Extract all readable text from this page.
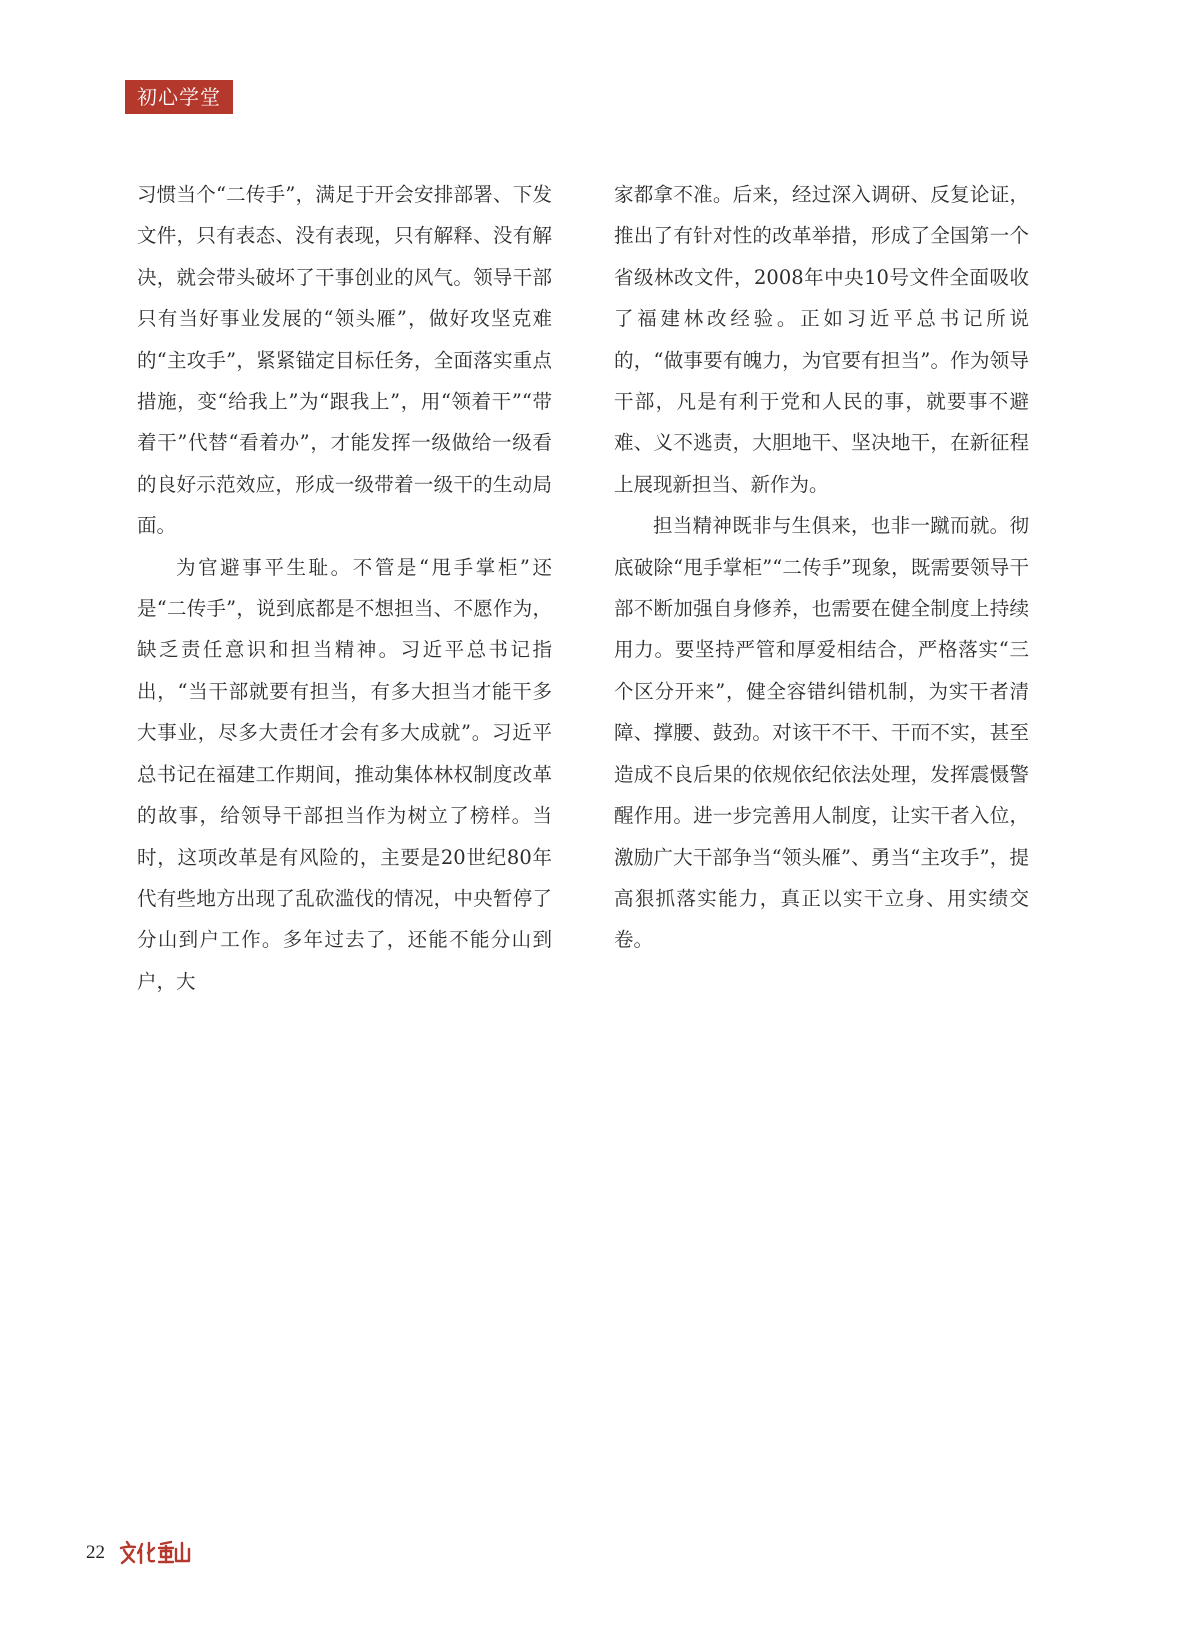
初心学堂

习惯当个“二传手”，满足于开会安排部署、下发文件，只有表态、没有表现，只有解释、没有解决，就会带头破坏了干事创业的风气。领导干部只有当好事业发展的“领头雁”，做好攻坚克难的“主攻手”，紧紧锚定目标任务，全面落实重点措施，变“给我上”为“跟我上”，用“领着干”“带着干”代替“看着办”，才能发挥一级做给一级看的良好示范效应，形成一级带着一级干的生动局面。

为官避事平生耻。不管是“甩手掌柜”还是“二传手”，说到底都是不想担当、不愿作为，缺乏责任意识和担当精神。习近平总书记指出，“当干部就要有担当，有多大担当才能干多大事业，尽多大责任才会有多大成就”。习近平总书记在福建工作期间，推动集体林权制度改革的故事，给领导干部担当作为树立了榜样。当时，这项改革是有风险的，主要是20世纪80年代有些地方出现了乱砍滥伐的情况，中央暂停了分山到户工作。多年过去了，还能不能分山到户，大

家都拿不准。后来，经过深入调研、反复论证，推出了有针对性的改革举措，形成了全国第一个省级林改文件，2008年中央10号文件全面吸收了福建林改经验。正如习近平总书记所说的，“做事要有魄力，为官要有担当”。作为领导干部，凡是有利于党和人民的事，就要事不避难、义不逃责，大胆地干、坚决地干，在新征程上展现新担当、新作为。

担当精神既非与生俱来，也非一蹴而就。彻底破除“甩手掌柜”“二传手”现象，既需要领导干部不断加强自身修养，也需要在健全制度上持续用力。要坚持严管和厚爱相结合，严格落实“三个区分开来”，健全容错纠错机制，为实干者清障、撑腰、鼓劲。对该干不干、干而不实，甚至造成不良后果的依规依纪依法处理，发挥震慑警醒作用。进一步完善用人制度，让实干者入位，激励广大干部争当“领头雁”、勇当“主攻手”，提高狠抓落实能力，真正以实干立身、用实绩交卷。

22
